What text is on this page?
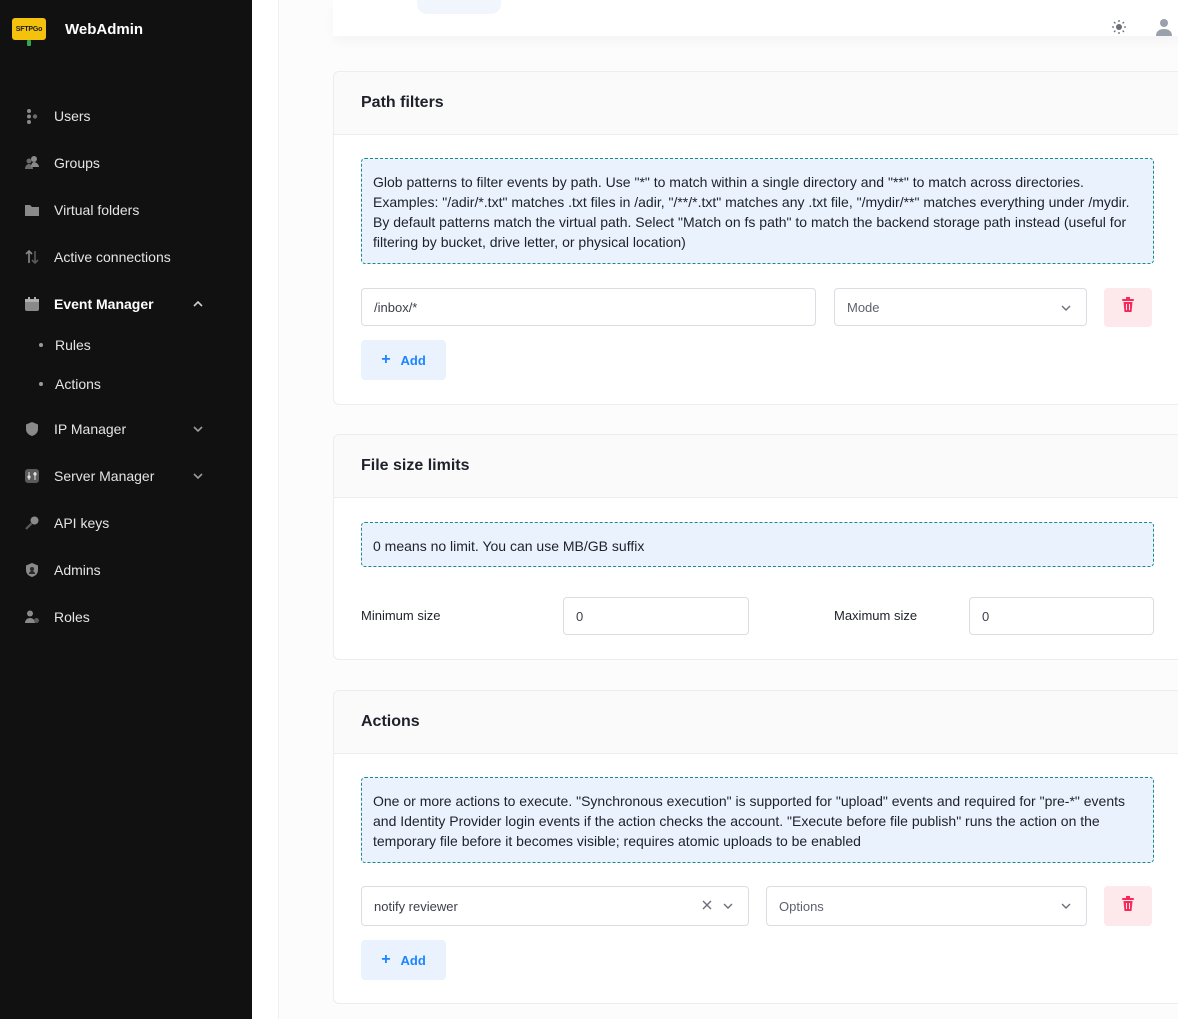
SFTPGo WebAdmin
Users
Groups
Virtual folders
Active connections
Event Manager
Rules
Actions
IP Manager
Server Manager
API keys
Admins
Roles
Path filters
Glob patterns to filter events by path. Use "*" to match within a single directory and "**" to match across directories. Examples: "/adir/*.txt" matches .txt files in /adir, "/**/*.txt" matches any .txt file, "/mydir/**" matches everything under /mydir. By default patterns match the virtual path. Select "Match on fs path" to match the backend storage path instead (useful for filtering by bucket, drive letter, or physical location)
/inbox/*	Mode
+ Add
File size limits
0 means no limit. You can use MB/GB suffix
Minimum size	0	Maximum size	0
Actions
One or more actions to execute. "Synchronous execution" is supported for "upload" events and required for "pre-*" events and Identity Provider login events if the action checks the account. "Execute before file publish" runs the action on the temporary file before it becomes visible; requires atomic uploads to be enabled
notify reviewer	Options
+ Add
